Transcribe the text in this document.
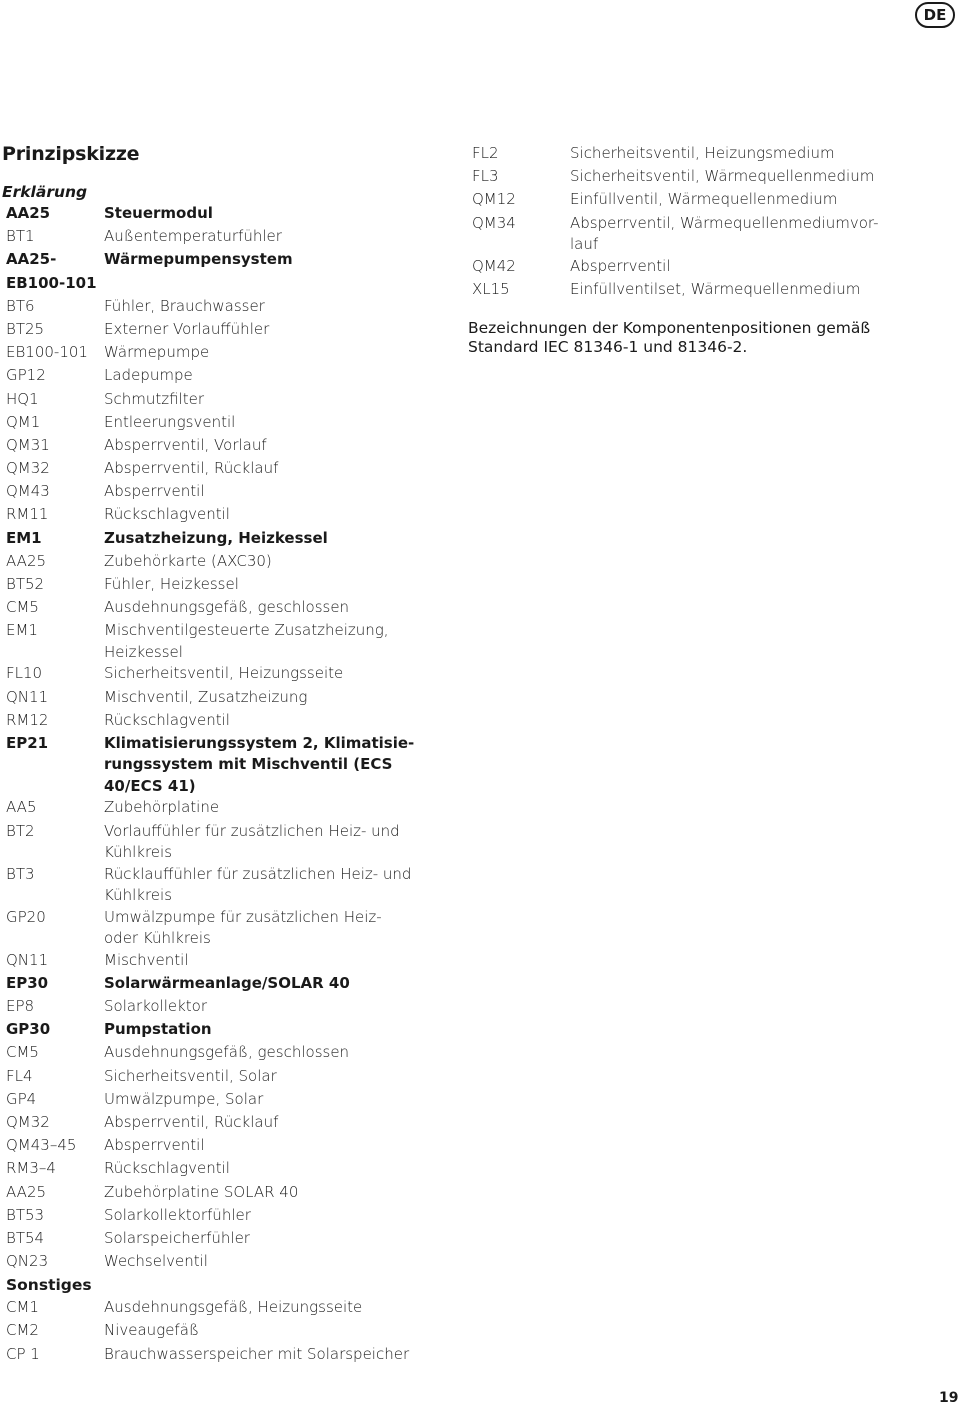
DE
Prinzipskizze
Erklärung
AA25	Steuermodul
BT1	Außentemperaturfühler
AA25-	Wärmepumpensystem
EB100-101
BT6	Fühler, Brauchwasser
BT25	Externer Vorlauffühler
EB100-101	Wärmepumpe
GP12	Ladepumpe
HQ1	Schmutzfilter
QM1	Entleerungsventil
QM31	Absperrventil, Vorlauf
QM32	Absperrventil, Rücklauf
QM43	Absperrventil
RM11	Rückschlagventil
EM1	Zusatzheizung, Heizkessel
AA25	Zubehörkarte (AXC30)
BT52	Fühler, Heizkessel
CM5	Ausdehnungsgefäß, geschlossen
EM1	Mischventilgesteuerte Zusatzheizung, Heizkessel
FL10	Sicherheitsventil, Heizungsseite
QN11	Mischventil, Zusatzheizung
RM12	Rückschlagventil
EP21	Klimatisierungssystem 2, Klimatisie-rungssystem mit Mischventil (ECS 40/ECS 41)
AA5	Zubehörplatine
BT2	Vorlauffühler für zusätzlichen Heiz- und Kühlkreis
BT3	Rücklauffühler für zusätzlichen Heiz- und Kühlkreis
GP20	Umwälzpumpe für zusätzlichen Heiz- oder Kühlkreis
QN11	Mischventil
EP30	Solarwärmeanlage/SOLAR 40
EP8	Solarkollektor
GP30	Pumpstation
CM5	Ausdehnungsgefäß, geschlossen
FL4	Sicherheitsventil, Solar
GP4	Umwälzpumpe, Solar
QM32	Absperrventil, Rücklauf
QM43–45	Absperrventil
RM3–4	Rückschlagventil
AA25	Zubehörplatine SOLAR 40
BT53	Solarkollektorfühler
BT54	Solarspeicherfühler
QN23	Wechselventil
Sonstiges
CM1	Ausdehnungsgefäß, Heizungsseite
CM2	Niveaugefäß
CP 1	Brauchwasserspeicher mit Solarspeicher
FL2	Sicherheitsventil, Heizungsmedium
FL3	Sicherheitsventil, Wärmequellenmedium
QM12	Einfüllventil, Wärmequellenmedium
QM34	Absperrventil, Wärmequellenmediumvor-lauf
QM42	Absperrventil
XL15	Einfüllventilset, Wärmequellenmedium
Bezeichnungen der Komponentenpositionen gemäß Standard IEC 81346-1 und 81346-2.
19
